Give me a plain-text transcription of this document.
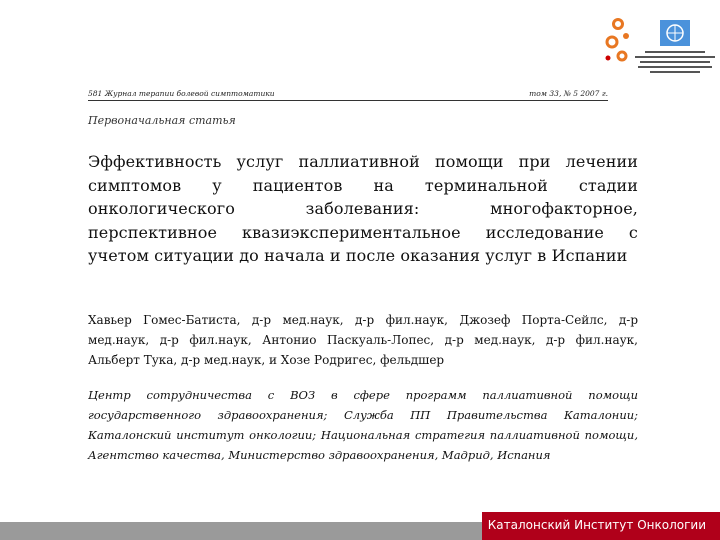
581 Журнал терапии болевой симптоматики	том 33, № 5 2007 г.
Первоначальная статья
Эффективность услуг паллиативной помощи при лечении симптомов у пациентов на терминальной стадии онкологического заболевания: многофакторное, перспективное квазиэкспериментальное исследование с учетом ситуации до начала и после оказания услуг в Испании
Хавьер Гомес-Батиста, д-р мед.наук, д-р фил.наук, Джозеф Порта-Сейлс, д-р мед.наук, д-р фил.наук, Антонио Паскуаль-Лопес, д-р мед.наук, д-р фил.наук, Альберт Тука, д-р мед.наук, и Хозе Родригес, фельдшер
Центр сотрудничества с ВОЗ в сфере программ паллиативной помощи государственного здравоохранения; Служба ПП Правительства Каталонии; Каталонский институт онкологии; Национальная стратегия паллиативной помощи, Агентство качества, Министерство здравоохранения, Мадрид, Испания
Каталонский Институт Онкологии
